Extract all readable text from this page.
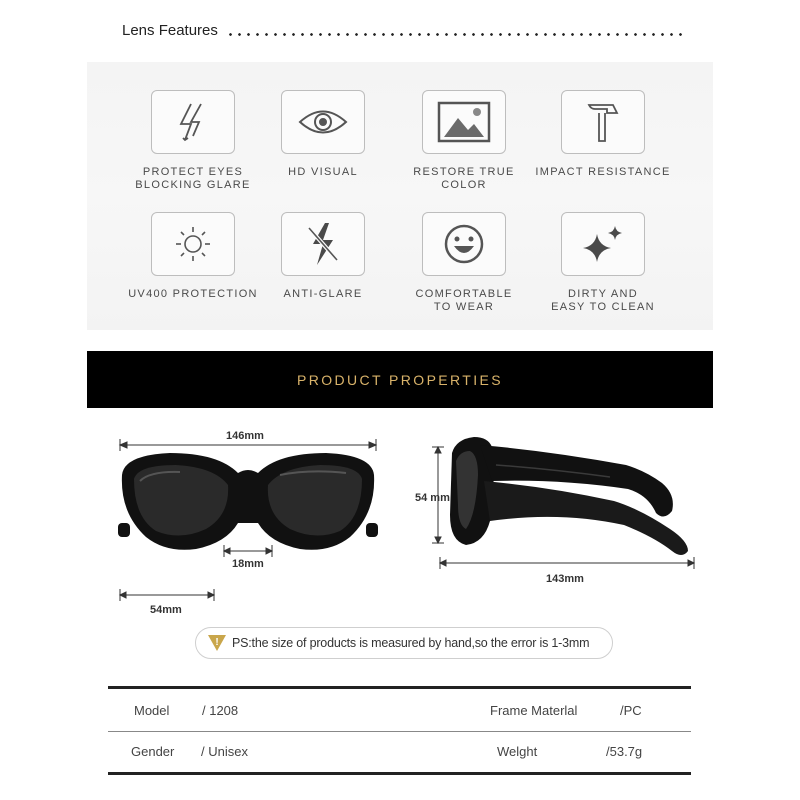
Lens Features
PROTECT EYES
BLOCKING GLARE
HD VISUAL	RESTORE TRUE COLOR
IMPACT RESISTANCE
UV400 PROTECTION	ANTI-GLARE	COMFORTABLE
TO WEAR
DIRTY AND
EASY TO CLEAN
PRODUCT PROPERTIES
146mm
18mm
54mm
54 mm
143mm
! PS:the size of products is measured by hand,so the error is 1-3mm
Model	/ 1208	Frame Materlal	/PC
Gender / Unisex	Welght	/53.7g
